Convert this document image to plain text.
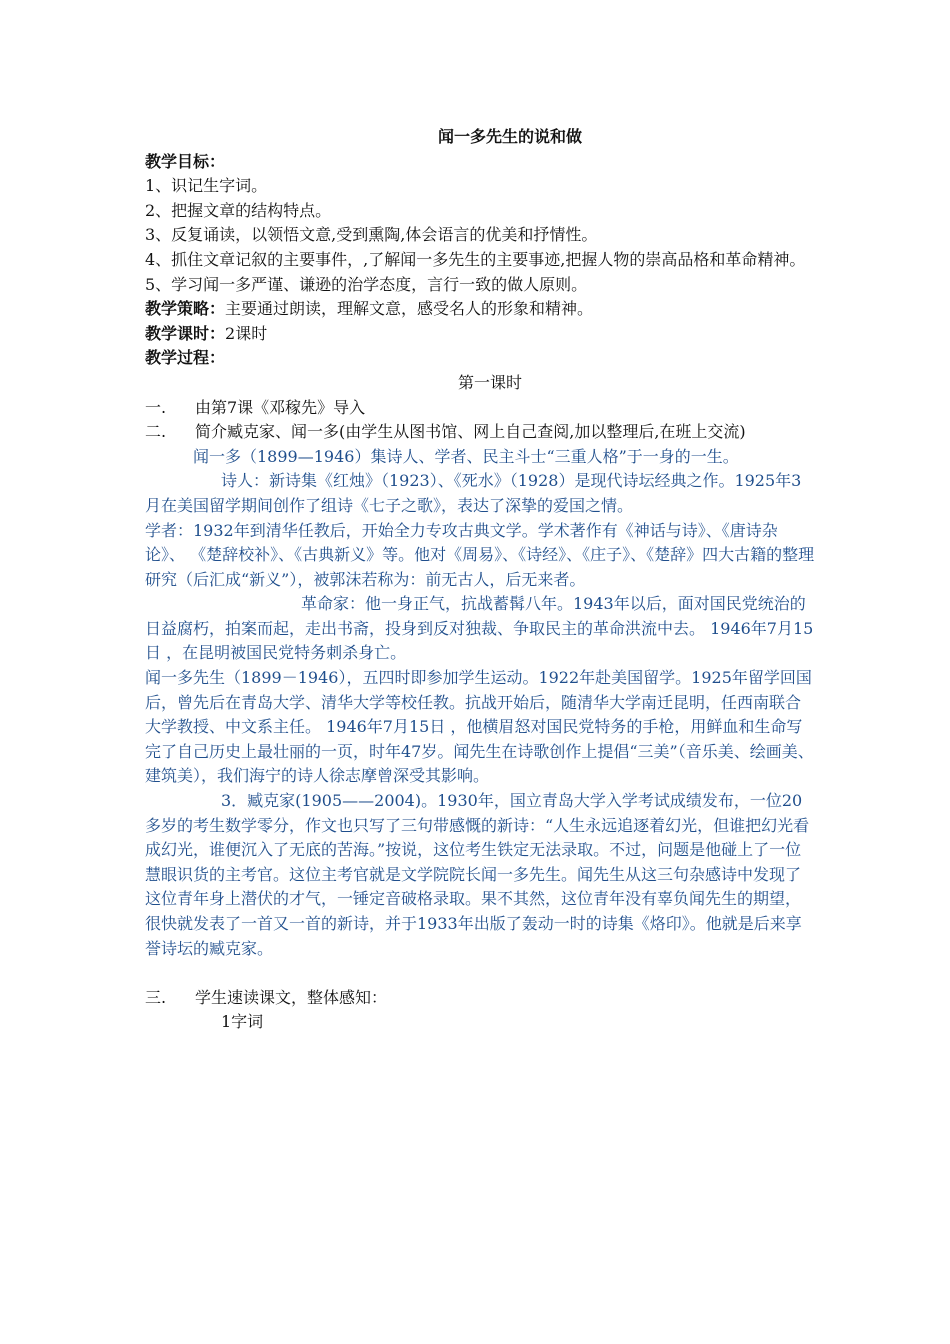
闻一多先生的说和做
教学目标：
1、识记生字词。
2、把握文章的结构特点。
3、反复诵读，以领悟文意,受到熏陶,体会语言的优美和抒情性。
4、抓住文章记叙的主要事件，,了解闻一多先生的主要事迹,把握人物的崇高品格和革命精神。
5、学习闻一多严谨、谦逊的治学态度，言行一致的做人原则。
教学策略：主要通过朗读，理解文意，感受名人的形象和精神。
教学课时：2课时
教学过程：
第一课时
一. 由第7课《邓稼先》导入
二. 简介臧克家、闻一多(由学生从图书馆、网上自己查阅,加以整理后,在班上交流)
闻一多（1899—1946）集诗人、学者、民主斗士“三重人格”于一身的一生。
诗人：新诗集《红烛》（1923）、《死水》（1928）是现代诗坛经典之作。1925年3月在美国留学期间创作了组诗《七子之歌》，表达了深挚的爱国之情。
学者：1932年到清华任教后，开始全力专攻古典文学。学术著作有《神话与诗》、《唐诗杂论》、 《楚辞校补》、《古典新义》等。他对《周易》、《诗经》、《庄子》、《楚辞》四大古籍的整理研究（后汇成“新义”），被郭沫若称为：前无古人，后无来者。
革命家：他一身正气，抗战蓄髯八年。1943年以后，面对国民党统治的日益腐朽，拍案而起，走出书斋，投身到反对独裁、争取民主的革命洪流中去。 1946年7月15日 ，在昆明被国民党特务刺杀身亡。
闻一多先生（1899－1946），五四时即参加学生运动。1922年赴美国留学。1925年留学回国后，曾先后在青岛大学、清华大学等校任教。抗战开始后，随清华大学南迁昆明，任西南联合大学教授、中文系主任。 1946年7月15日 ，他横眉怒对国民党特务的手枪，用鲜血和生命写完了自己历史上最壮丽的一页，时年47岁。闻先生在诗歌创作上提倡“三美”（音乐美、绘画美、建筑美），我们海宁的诗人徐志摩曾深受其影响。
3．臧克家(1905——2004)。1930年，国立青岛大学入学考试成绩发布，一位20多岁的考生数学零分，作文也只写了三句带感慨的新诗：“人生永远追逐着幻光，但谁把幻光看成幻光，谁便沉入了无底的苦海。”按说，这位考生铁定无法录取。不过，问题是他碰上了一位慧眼识货的主考官。这位主考官就是文学院院长闻一多先生。闻先生从这三句杂感诗中发现了这位青年身上潜伏的才气，一锤定音破格录取。果不其然，这位青年没有辜负闻先生的期望，很快就发表了一首又一首的新诗，并于1933年出版了轰动一时的诗集《烙印》。他就是后来享誉诗坛的臧克家。
三. 学生速读课文，整体感知：
1字词
